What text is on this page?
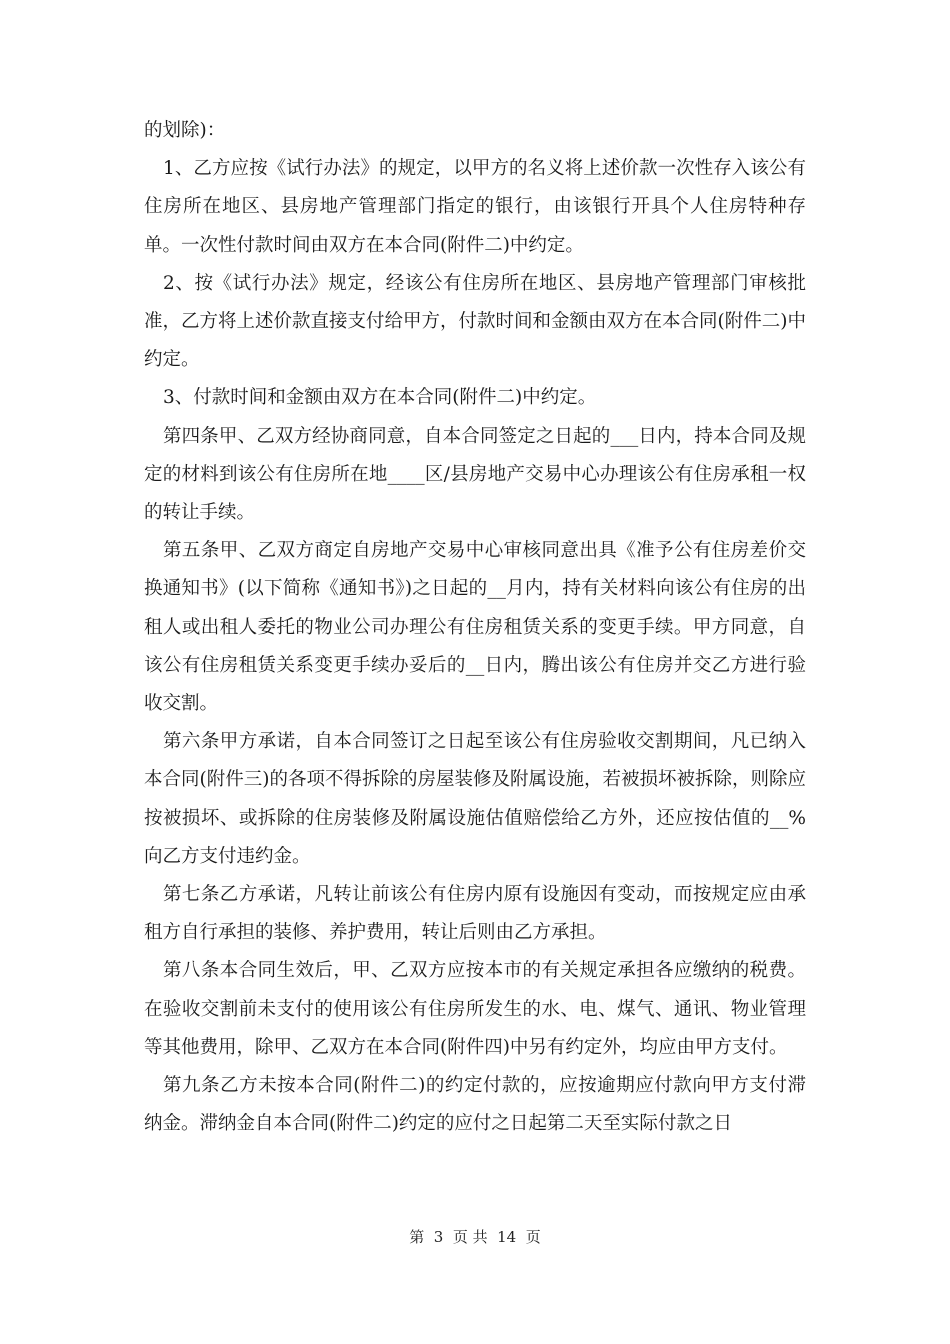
的划除)：

1、乙方应按《试行办法》的规定，以甲方的名义将上述价款一次性存入该公有住房所在地区、县房地产管理部门指定的银行，由该银行开具个人住房特种存单。一次性付款时间由双方在本合同(附件二)中约定。

2、按《试行办法》规定，经该公有住房所在地区、县房地产管理部门审核批准，乙方将上述价款直接支付给甲方，付款时间和金额由双方在本合同(附件二)中约定。

3、付款时间和金额由双方在本合同(附件二)中约定。

第四条甲、乙双方经协商同意，自本合同签定之日起的___日内，持本合同及规定的材料到该公有住房所在地____区/县房地产交易中心办理该公有住房承租一权的转让手续。

第五条甲、乙双方商定自房地产交易中心审核同意出具《准予公有住房差价交换通知书》(以下简称《通知书》)之日起的__月内，持有关材料向该公有住房的出租人或出租人委托的物业公司办理公有住房租赁关系的变更手续。甲方同意，自该公有住房租赁关系变更手续办妥后的__日内，腾出该公有住房并交乙方进行验收交割。

第六条甲方承诺，自本合同签订之日起至该公有住房验收交割期间，凡已纳入本合同(附件三)的各项不得拆除的房屋装修及附属设施，若被损坏被拆除，则除应按被损坏、或拆除的住房装修及附属设施估值赔偿给乙方外，还应按估值的__%向乙方支付违约金。

第七条乙方承诺，凡转让前该公有住房内原有设施因有变动，而按规定应由承租方自行承担的装修、养护费用，转让后则由乙方承担。

第八条本合同生效后，甲、乙双方应按本市的有关规定承担各应缴纳的税费。在验收交割前未支付的使用该公有住房所发生的水、电、煤气、通讯、物业管理等其他费用，除甲、乙双方在本合同(附件四)中另有约定外，均应由甲方支付。

第九条乙方未按本合同(附件二)的约定付款的，应按逾期应付款向甲方支付滞纳金。滞纳金自本合同(附件二)约定的应付之日起第二天至实际付款之日

第  3  页 共  14  页
